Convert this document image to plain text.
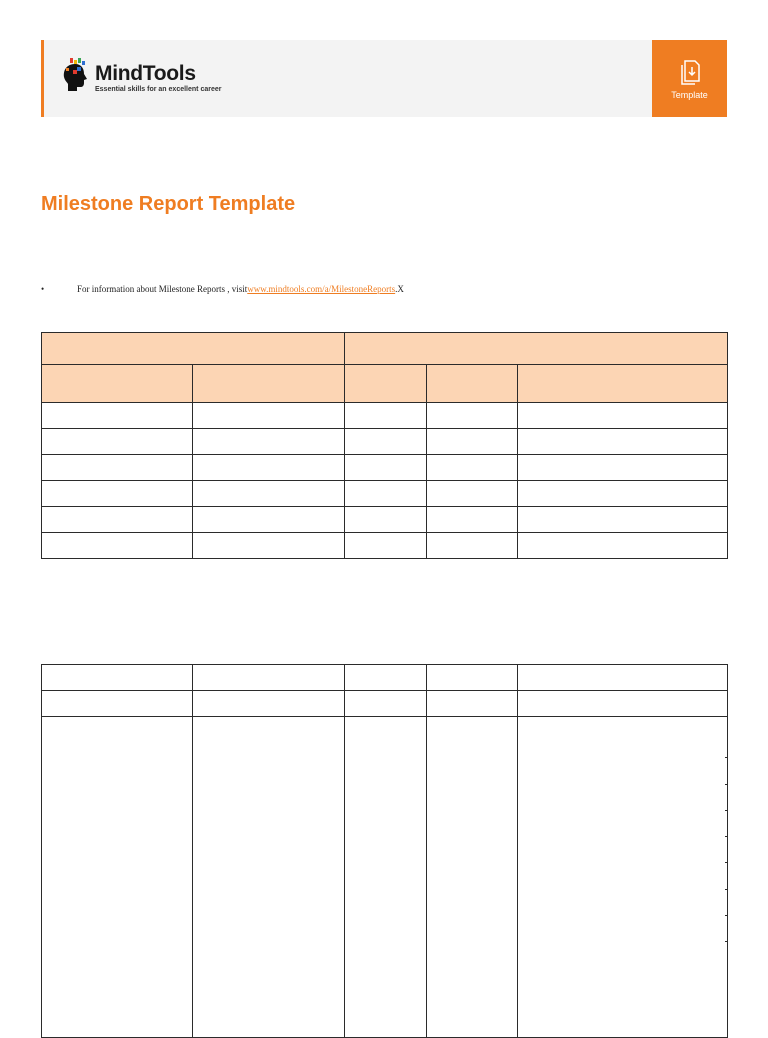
MindTools
Essential skills for an excellent career
Template
Milestone Report Template
•	For information about Milestone Reports , visit www.mindtools.com/a/MilestoneReports .X
